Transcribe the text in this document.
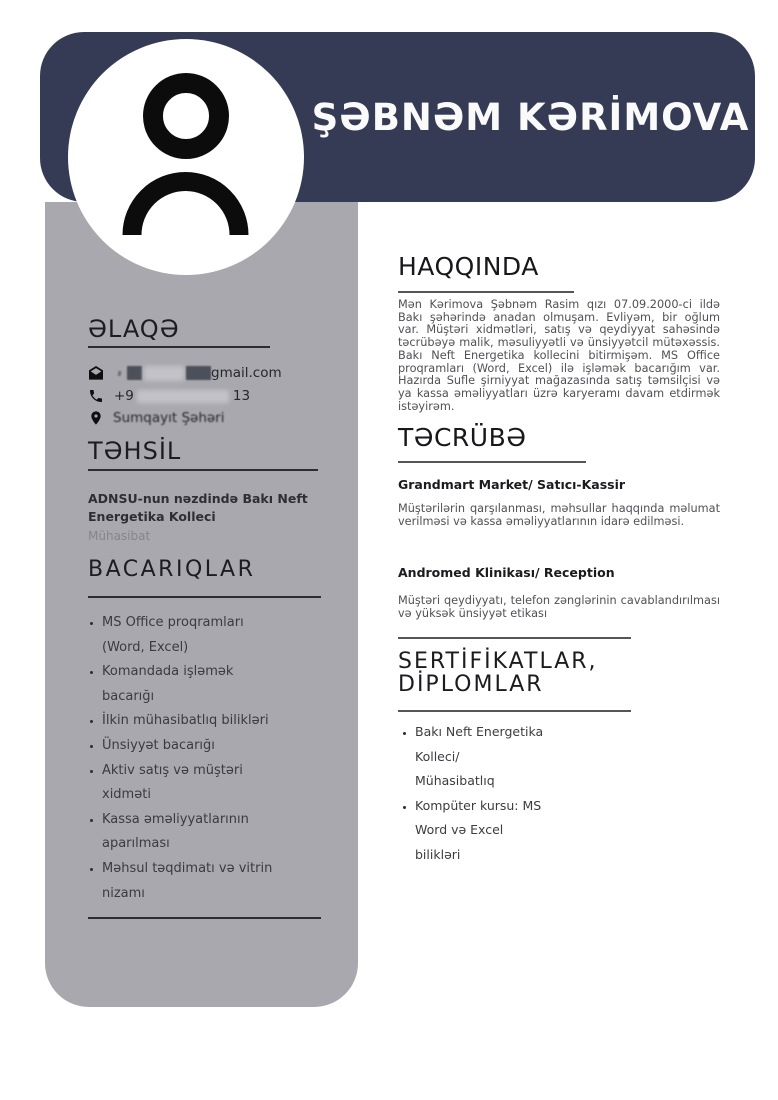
ŞƏBNƏM KƏRİMOVA
ƏLAQƏ
gmail.com
+9	13
Sumqayıt Şəhəri
TƏHSİL
ADNSU-nun nəzdində Bakı Neft Energetika Kolleci
Mühasibat
BACARIQLAR
• MS Office proqramları
(Word, Excel)
• Komandada işləmək
bacarığı
• İlkin mühasibatlıq bilikləri
• Ünsiyyət bacarığı
• Aktiv satış və müştəri
xidməti
• Kassa əməliyyatlarının
aparılması
• Məhsul təqdimatı və vitrin
nizamı
HAQQINDA

Mən Kərimova Şəbnəm Rasim qızı 07.09.2000-ci ildə Bakı şəhərində anadan olmuşam. Evliyəm, bir oğlum var. Müştəri xidmətləri, satış və qeydiyyat sahəsində təcrübəyə malik, məsuliyyətli və ünsiyyətcil mütəxəssis. Bakı Neft Energetika kollecini bitirmişəm. MS Office proqramları (Word, Excel) ilə işləmək bacarığım var. Hazırda Sufle şirniyyat mağazasında satış təmsilçisi və ya kassa əməliyyatları üzrə karyeramı davam etdirmək istəyirəm.

TƏCRÜBƏ
Grandmart Market/ Satıcı-Kassir

Müştərilərin qarşılanması, məhsullar haqqında məlumat verilməsi və kassa əməliyyatlarının idarə edilməsi.

Andromed Klinikası/ Reception

Müştəri qeydiyyatı, telefon zənglərinin cavablandırılması və yüksək ünsiyyət etikası

SERTİFİKATLAR,
DİPLOMLAR
• Bakı Neft Energetika
Kolleci/
Mühasibatlıq
• Kompüter kursu: MS
Word və Excel
bilikləri
